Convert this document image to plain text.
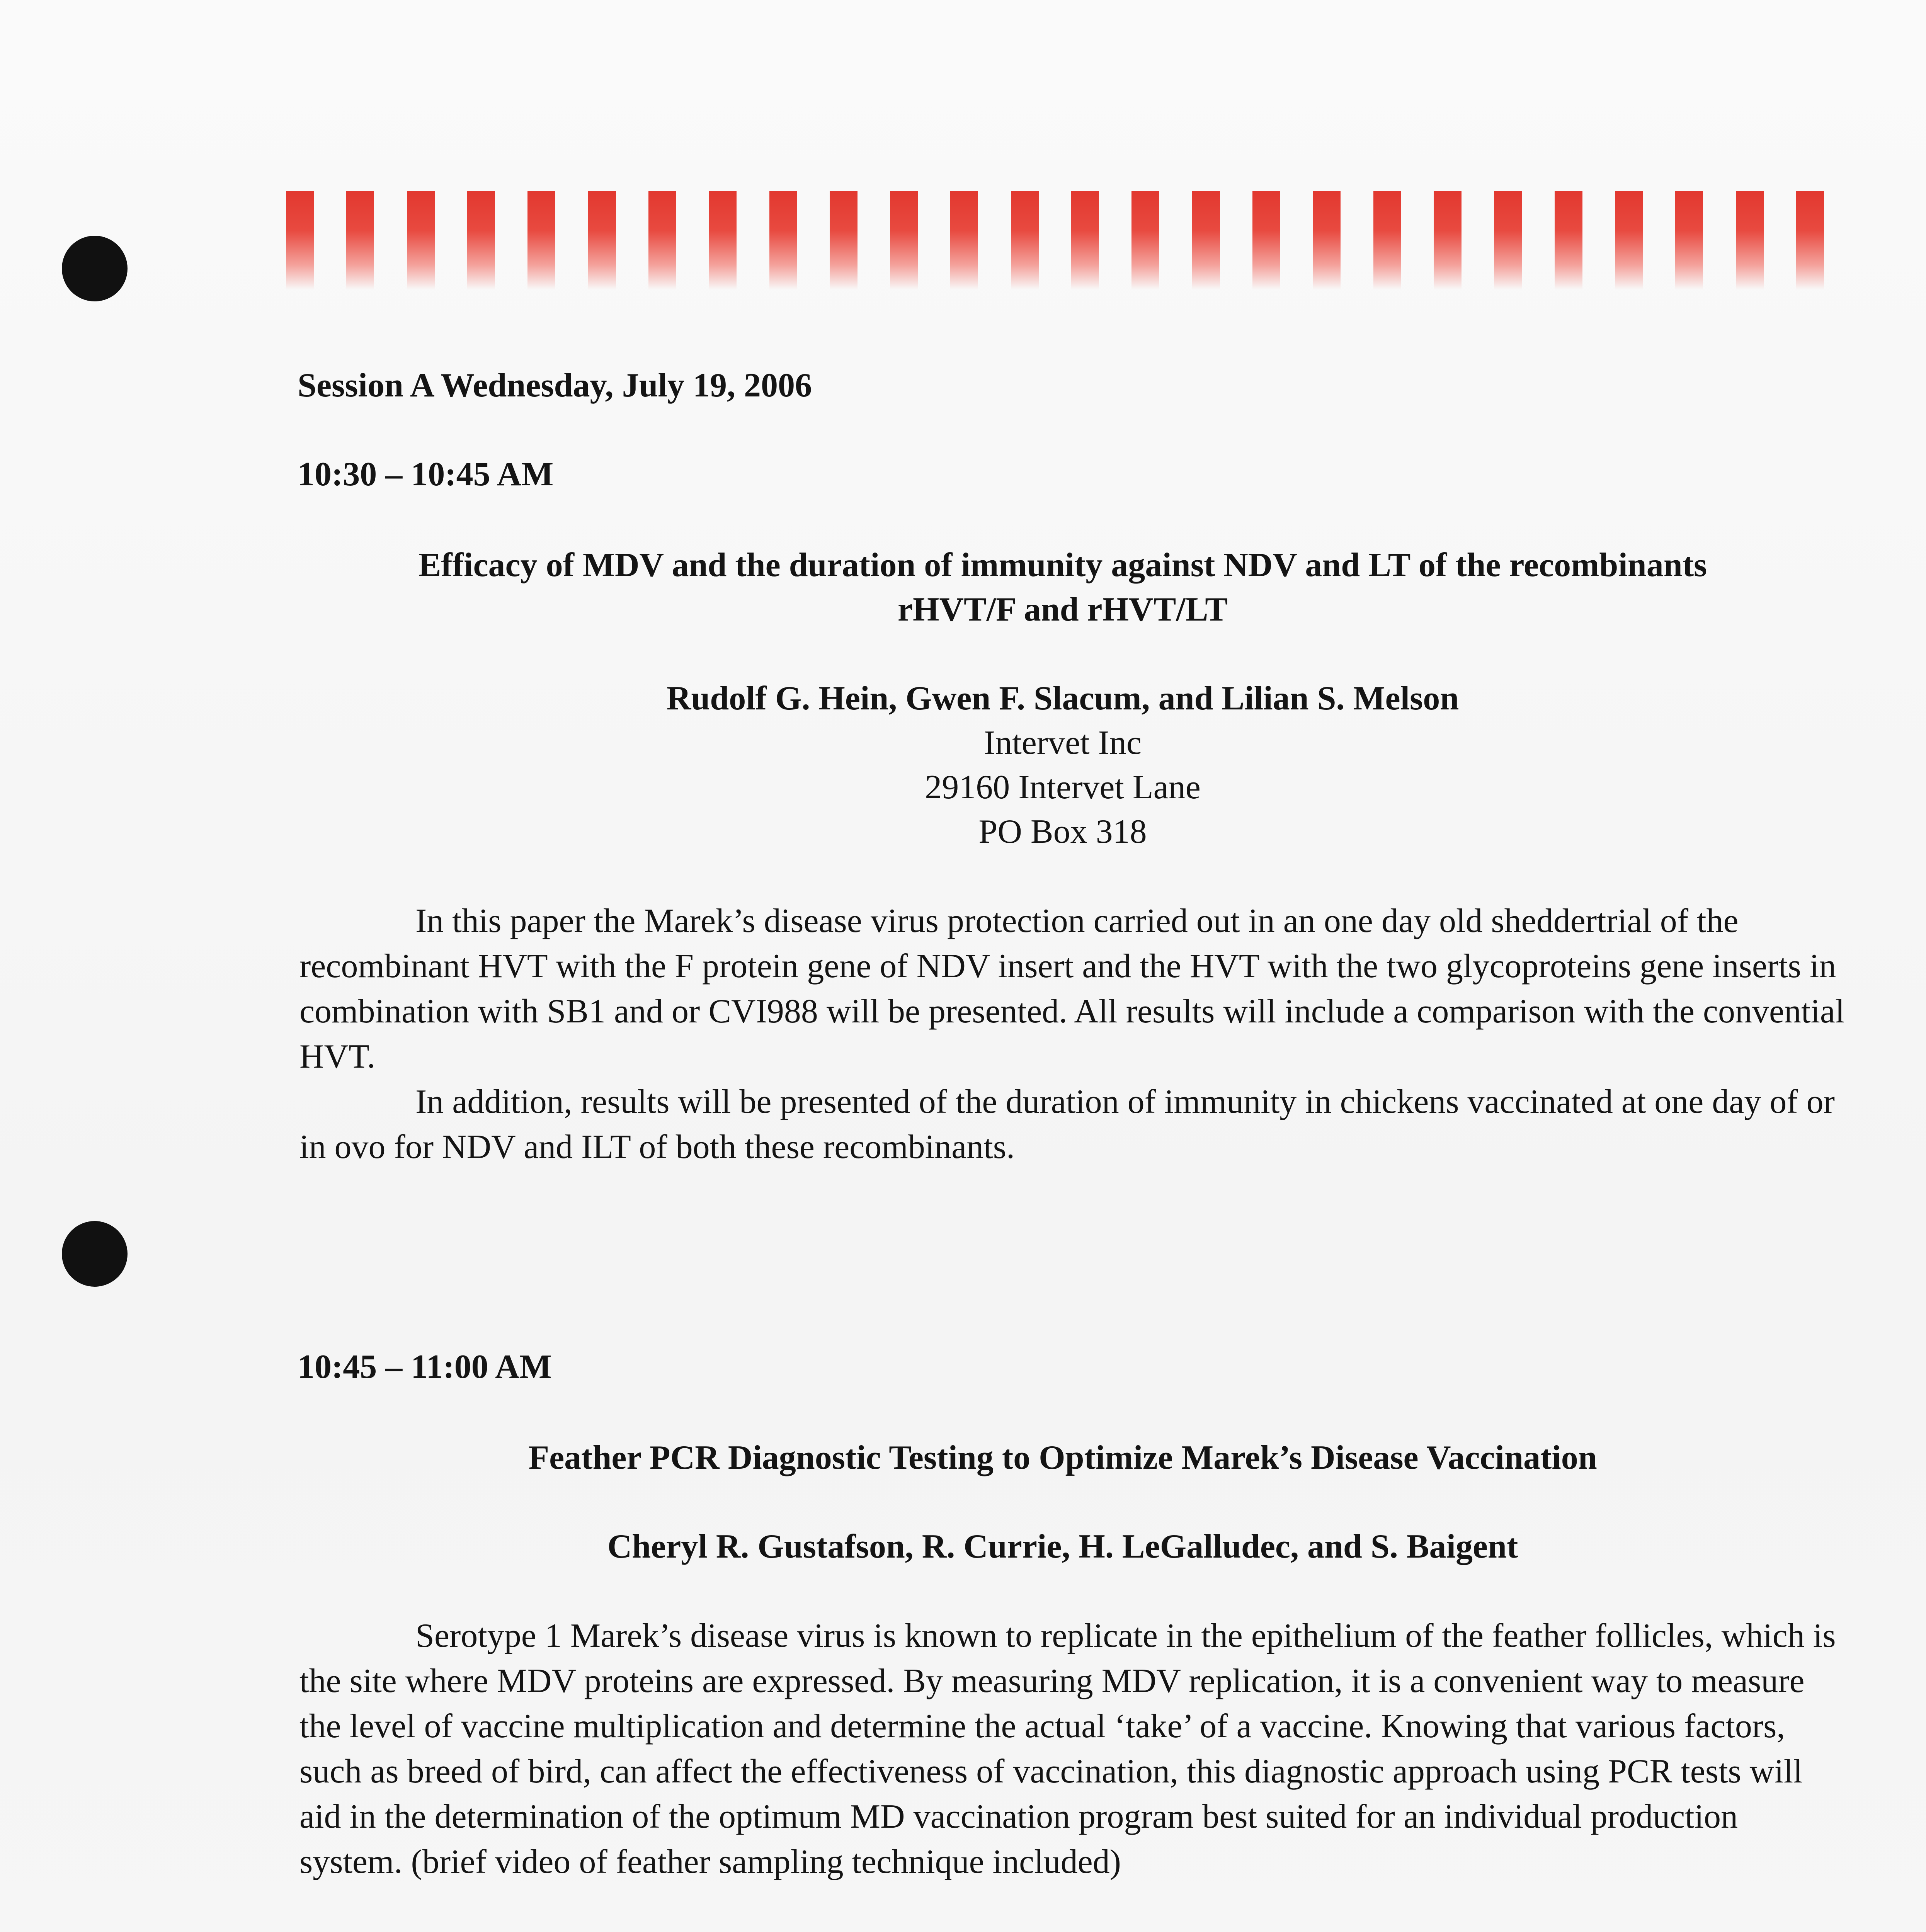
Session A Wednesday, July 19, 2006
10:30 – 10:45 AM
Efficacy of MDV and the duration of immunity against NDV and LT of the recombinants
rHVT/F and rHVT/LT
Rudolf G. Hein, Gwen F. Slacum, and Lilian S. Melson
Intervet Inc
29160 Intervet Lane
PO Box 318
In this paper the Marek’s disease virus protection carried out in an one day old sheddertrial of the recombinant HVT with the F protein gene of NDV insert and the HVT with the two glycoproteins gene inserts in combination with SB1 and or CVI988 will be presented. All results will include a comparison with the convential HVT.
In addition, results will be presented of the duration of immunity in chickens vaccinated at one day of or in ovo for NDV and ILT of both these recombinants.
10:45 – 11:00 AM
Feather PCR Diagnostic Testing to Optimize Marek’s Disease Vaccination
Cheryl R. Gustafson, R. Currie, H. LeGalludec, and S. Baigent
Serotype 1 Marek’s disease virus is known to replicate in the epithelium of the feather follicles, which is the site where MDV proteins are expressed. By measuring MDV replication, it is a convenient way to measure the level of vaccine multiplication and determine the actual ‘take’ of a vaccine. Knowing that various factors, such as breed of bird, can affect the effectiveness of vaccination, this diagnostic approach using PCR tests will aid in the determination of the optimum MD vaccination program best suited for an individual production system. (brief video of feather sampling technique included)
